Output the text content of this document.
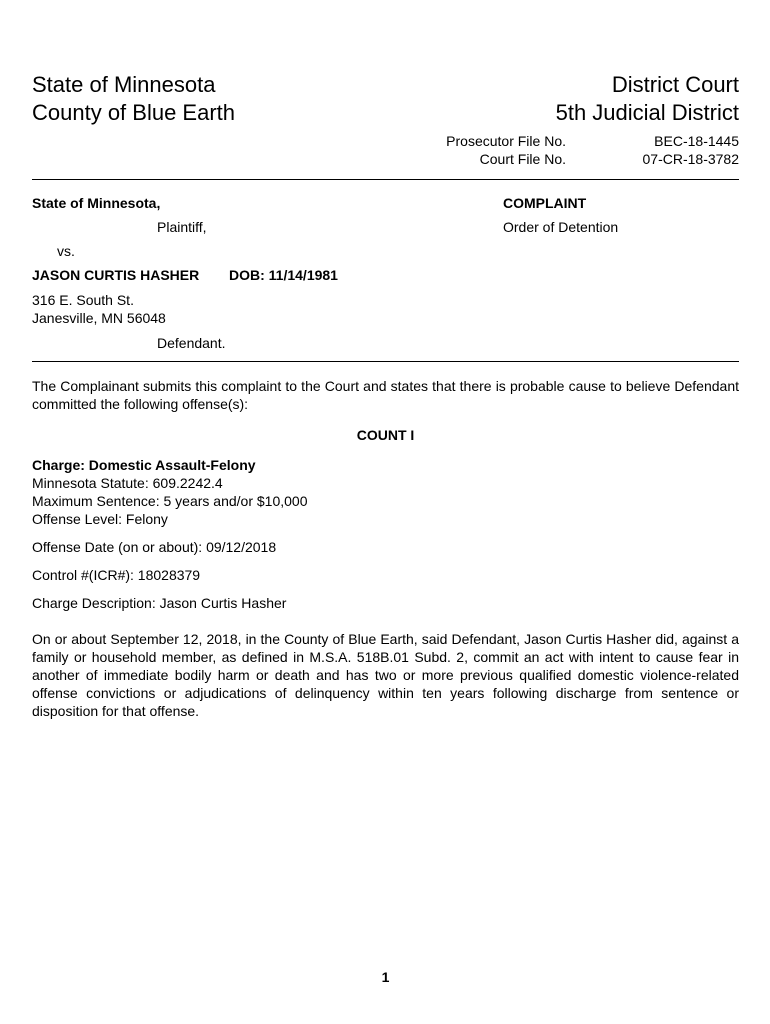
State of Minnesota
County of Blue Earth
District Court
5th Judicial District
Prosecutor File No.	BEC-18-1445
Court File No.	07-CR-18-3782
State of Minnesota,
Plaintiff,
vs.
JASON CURTIS HASHER DOB: 11/14/1981
316 E. South St.
Janesville, MN 56048
Defendant.
COMPLAINT
Order of Detention
The Complainant submits this complaint to the Court and states that there is probable cause to believe Defendant committed the following offense(s):
COUNT I
Charge: Domestic Assault-Felony
Minnesota Statute: 609.2242.4
Maximum Sentence: 5 years and/or $10,000
Offense Level: Felony
Offense Date (on or about): 09/12/2018
Control #(ICR#): 18028379
Charge Description: Jason Curtis Hasher
On or about September 12, 2018, in the County of Blue Earth, said Defendant, Jason Curtis Hasher did, against a family or household member, as defined in M.S.A. 518B.01 Subd. 2, commit an act with intent to cause fear in another of immediate bodily harm or death and has two or more previous qualified domestic violence-related offense convictions or adjudications of delinquency within ten years following discharge from sentence or disposition for that offense.
1
